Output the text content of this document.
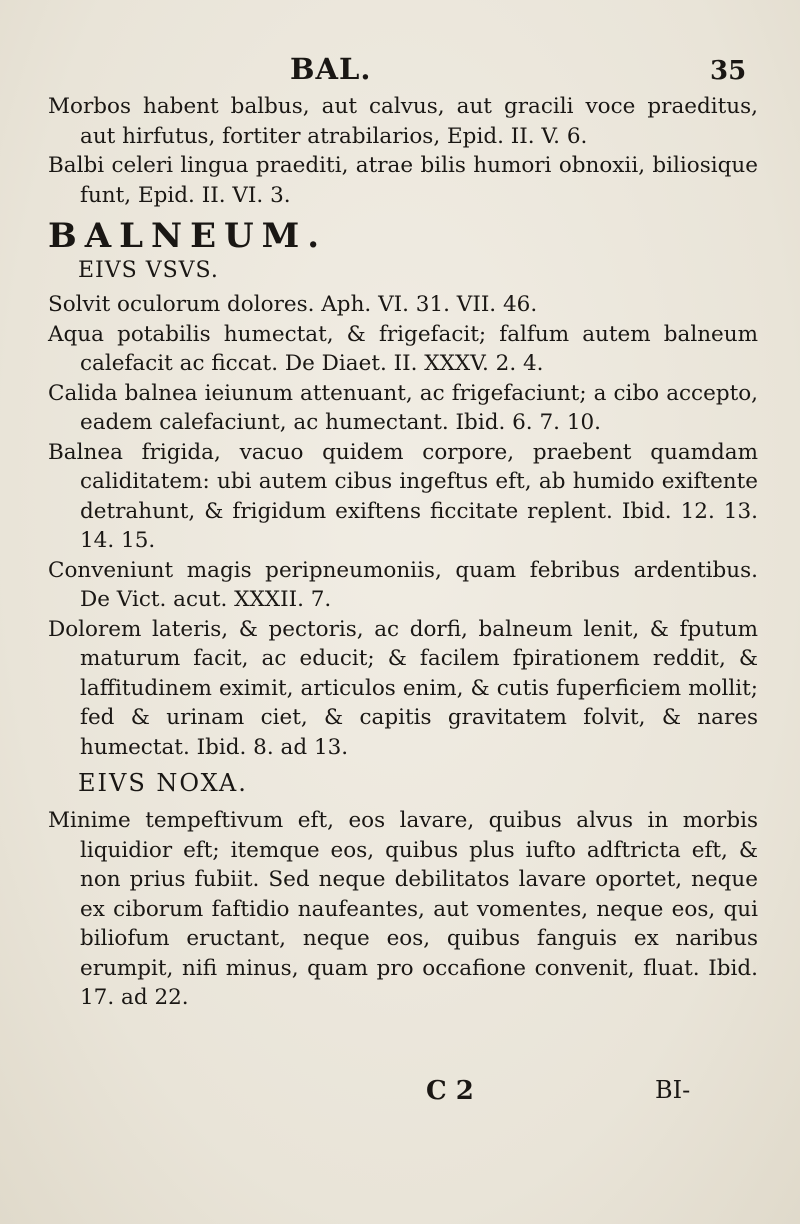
BAL.	35

Morbos habent balbus, aut calvus, aut gracili voce praeditus, aut hirfutus, fortiter atrabilarios, Epid. II. V. 6.

Balbi celeri lingua praediti, atrae bilis humori obnoxii, biliosique funt, Epid. II. VI. 3.

BALNEUM.
EIVS VSVS.

Solvit oculorum dolores. Aph. VI. 31. VII. 46.

Aqua potabilis humectat, & frigefacit; falfum autem balneum calefacit ac ficcat. De Diaet. II. XXXV. 2. 4.

Calida balnea ieiunum attenuant, ac frigefaciunt; a cibo accepto, eadem calefaciunt, ac humectant. Ibid. 6. 7. 10.

Balnea frigida, vacuo quidem corpore, praebent quamdam caliditatem: ubi autem cibus ingeftus eft, ab humido exiftente detrahunt, & frigidum exiftens ficcitate replent. Ibid. 12. 13. 14. 15.

Conveniunt magis peripneumoniis, quam febribus ardentibus. De Vict. acut. XXXII. 7.

Dolorem lateris, & pectoris, ac dorfi, balneum lenit, & fputum maturum facit, ac educit; & facilem fpirationem reddit, & laffitudinem eximit, articulos enim, & cutis fuperficiem mollit; fed & urinam ciet, & capitis gravitatem folvit, & nares humectat. Ibid. 8. ad 13.

EIVS NOXA.

Minime tempeftivum eft, eos lavare, quibus alvus in morbis liquidior eft; itemque eos, quibus plus iufto adftricta eft, & non prius fubiit. Sed neque debilitatos lavare oportet, neque ex ciborum faftidio naufeantes, aut vomentes, neque eos, qui biliofum eructant, neque eos, quibus fanguis ex naribus erumpit, nifi minus, quam pro occafione convenit, fluat. Ibid. 17. ad 22.

C 2	BI-
